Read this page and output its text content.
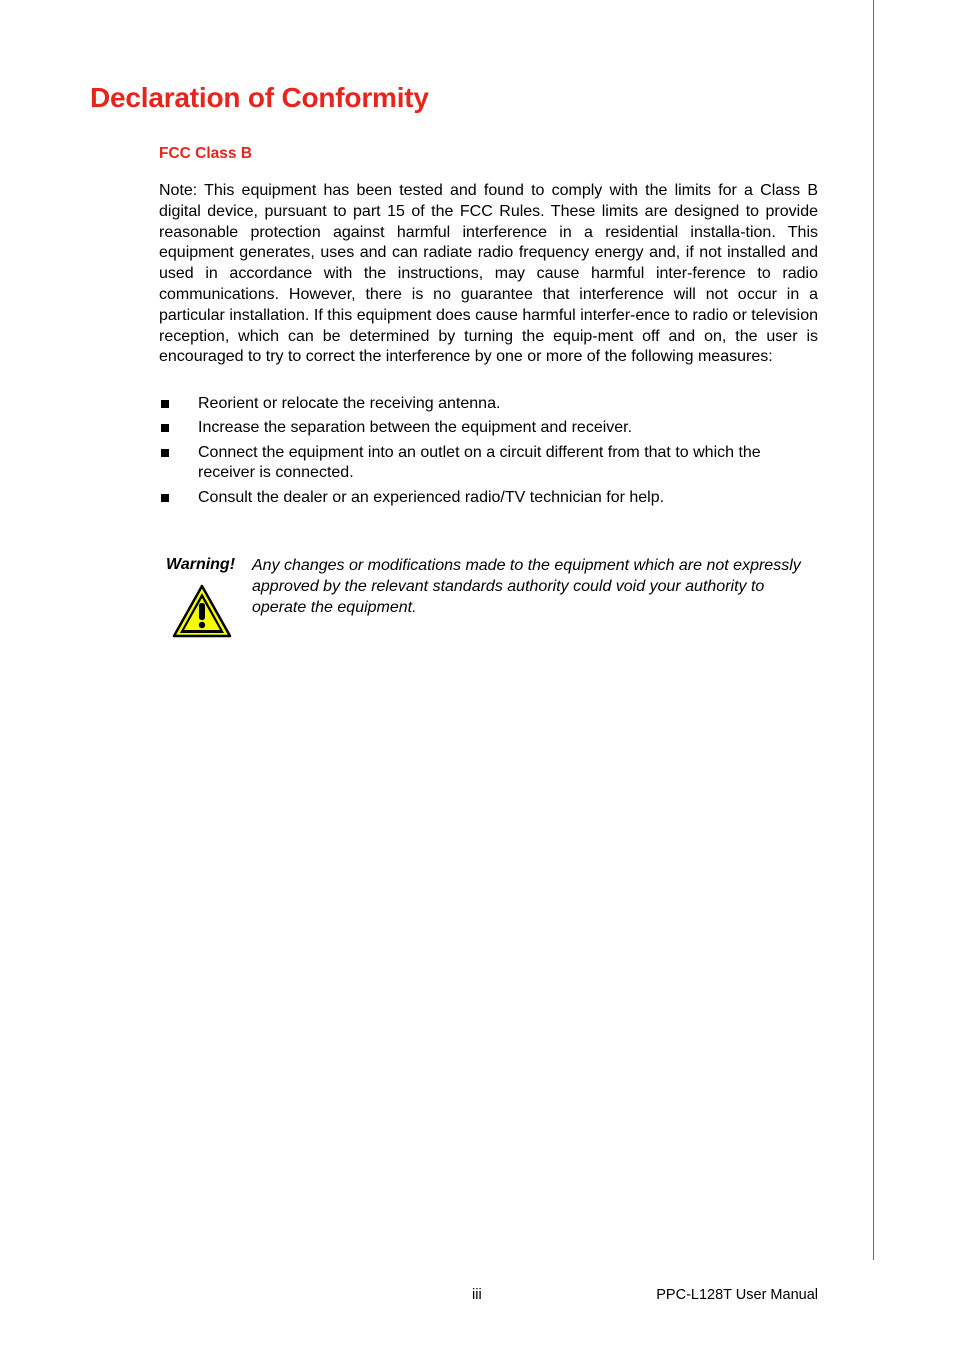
Declaration of Conformity
FCC Class B

Note: This equipment has been tested and found to comply with the limits for a Class B digital device, pursuant to part 15 of the FCC Rules. These limits are designed to provide reasonable protection against harmful interference in a residential installa-tion. This equipment generates, uses and can radiate radio frequency energy and, if not installed and used in accordance with the instructions, may cause harmful inter-ference to radio communications. However, there is no guarantee that interference will not occur in a particular installation. If this equipment does cause harmful interfer-ence to radio or television reception, which can be determined by turning the equip-ment off and on, the user is encouraged to try to correct the interference by one or more of the following measures:

Reorient or relocate the receiving antenna.
Increase the separation between the equipment and receiver.
Connect the equipment into an outlet on a circuit different from that to which the receiver is connected.
Consult the dealer or an experienced radio/TV technician for help.
Warning! Any changes or modifications made to the equipment which are not expressly approved by the relevant standards authority could void your authority to operate the equipment.

iii	PPC-L128T User Manual
